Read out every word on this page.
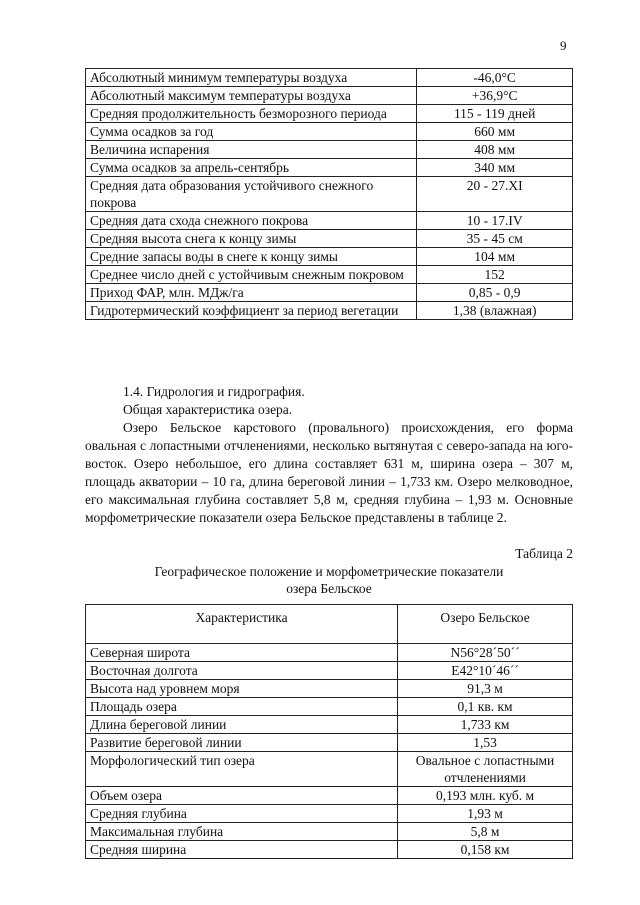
9
Абсолютный минимум температуры воздуха	-46,0°C
Абсолютный максимум температуры воздуха	+36,9°C
Средняя продолжительность безморозного периода	115 - 119 дней
Сумма осадков за год	660 мм
Величина испарения	408 мм
Сумма осадков за апрель-сентябрь	340 мм
Средняя дата образования устойчивого снежного покрова	20 - 27.XI
Средняя дата схода снежного покрова	10 - 17.IV
Средняя высота снега к концу зимы	35 - 45 см
Средние запасы воды в снеге к концу зимы	104 мм
Среднее число дней с устойчивым снежным покровом	152
Приход ФАР, млн. МДж/га	0,85 - 0,9
Гидротермический коэффициент за период вегетации	1,38 (влажная)
1.4. Гидрология и гидрография.
Общая характеристика озера.
Озеро Бельское карстового (провального) происхождения, его форма овальная с лопастными отчленениями, несколько вытянутая с северо-запада на юго-восток. Озеро небольшое, его длина составляет 631 м, ширина озера – 307 м, площадь акватории – 10 га, длина береговой линии – 1,733 км. Озеро мелководное, его максимальная глубина составляет 5,8 м, средняя глубина – 1,93 м. Основные морфометрические показатели озера Бельское представлены в таблице 2.
Таблица 2
Географическое положение и морфометрические показатели
озера Бельское
Характеристика	Озеро Бельское
Северная широта	N56°28´50´´
Восточная долгота	E42°10´46´´
Высота над уровнем моря	91,3 м
Площадь озера	0,1 кв. км
Длина береговой линии	1,733 км
Развитие береговой линии	1,53
Морфологический тип озера	Овальное с лопастными отчленениями
Объем озера	0,193 млн. куб. м
Средняя глубина	1,93 м
Максимальная глубина	5,8 м
Средняя ширина	0,158 км
